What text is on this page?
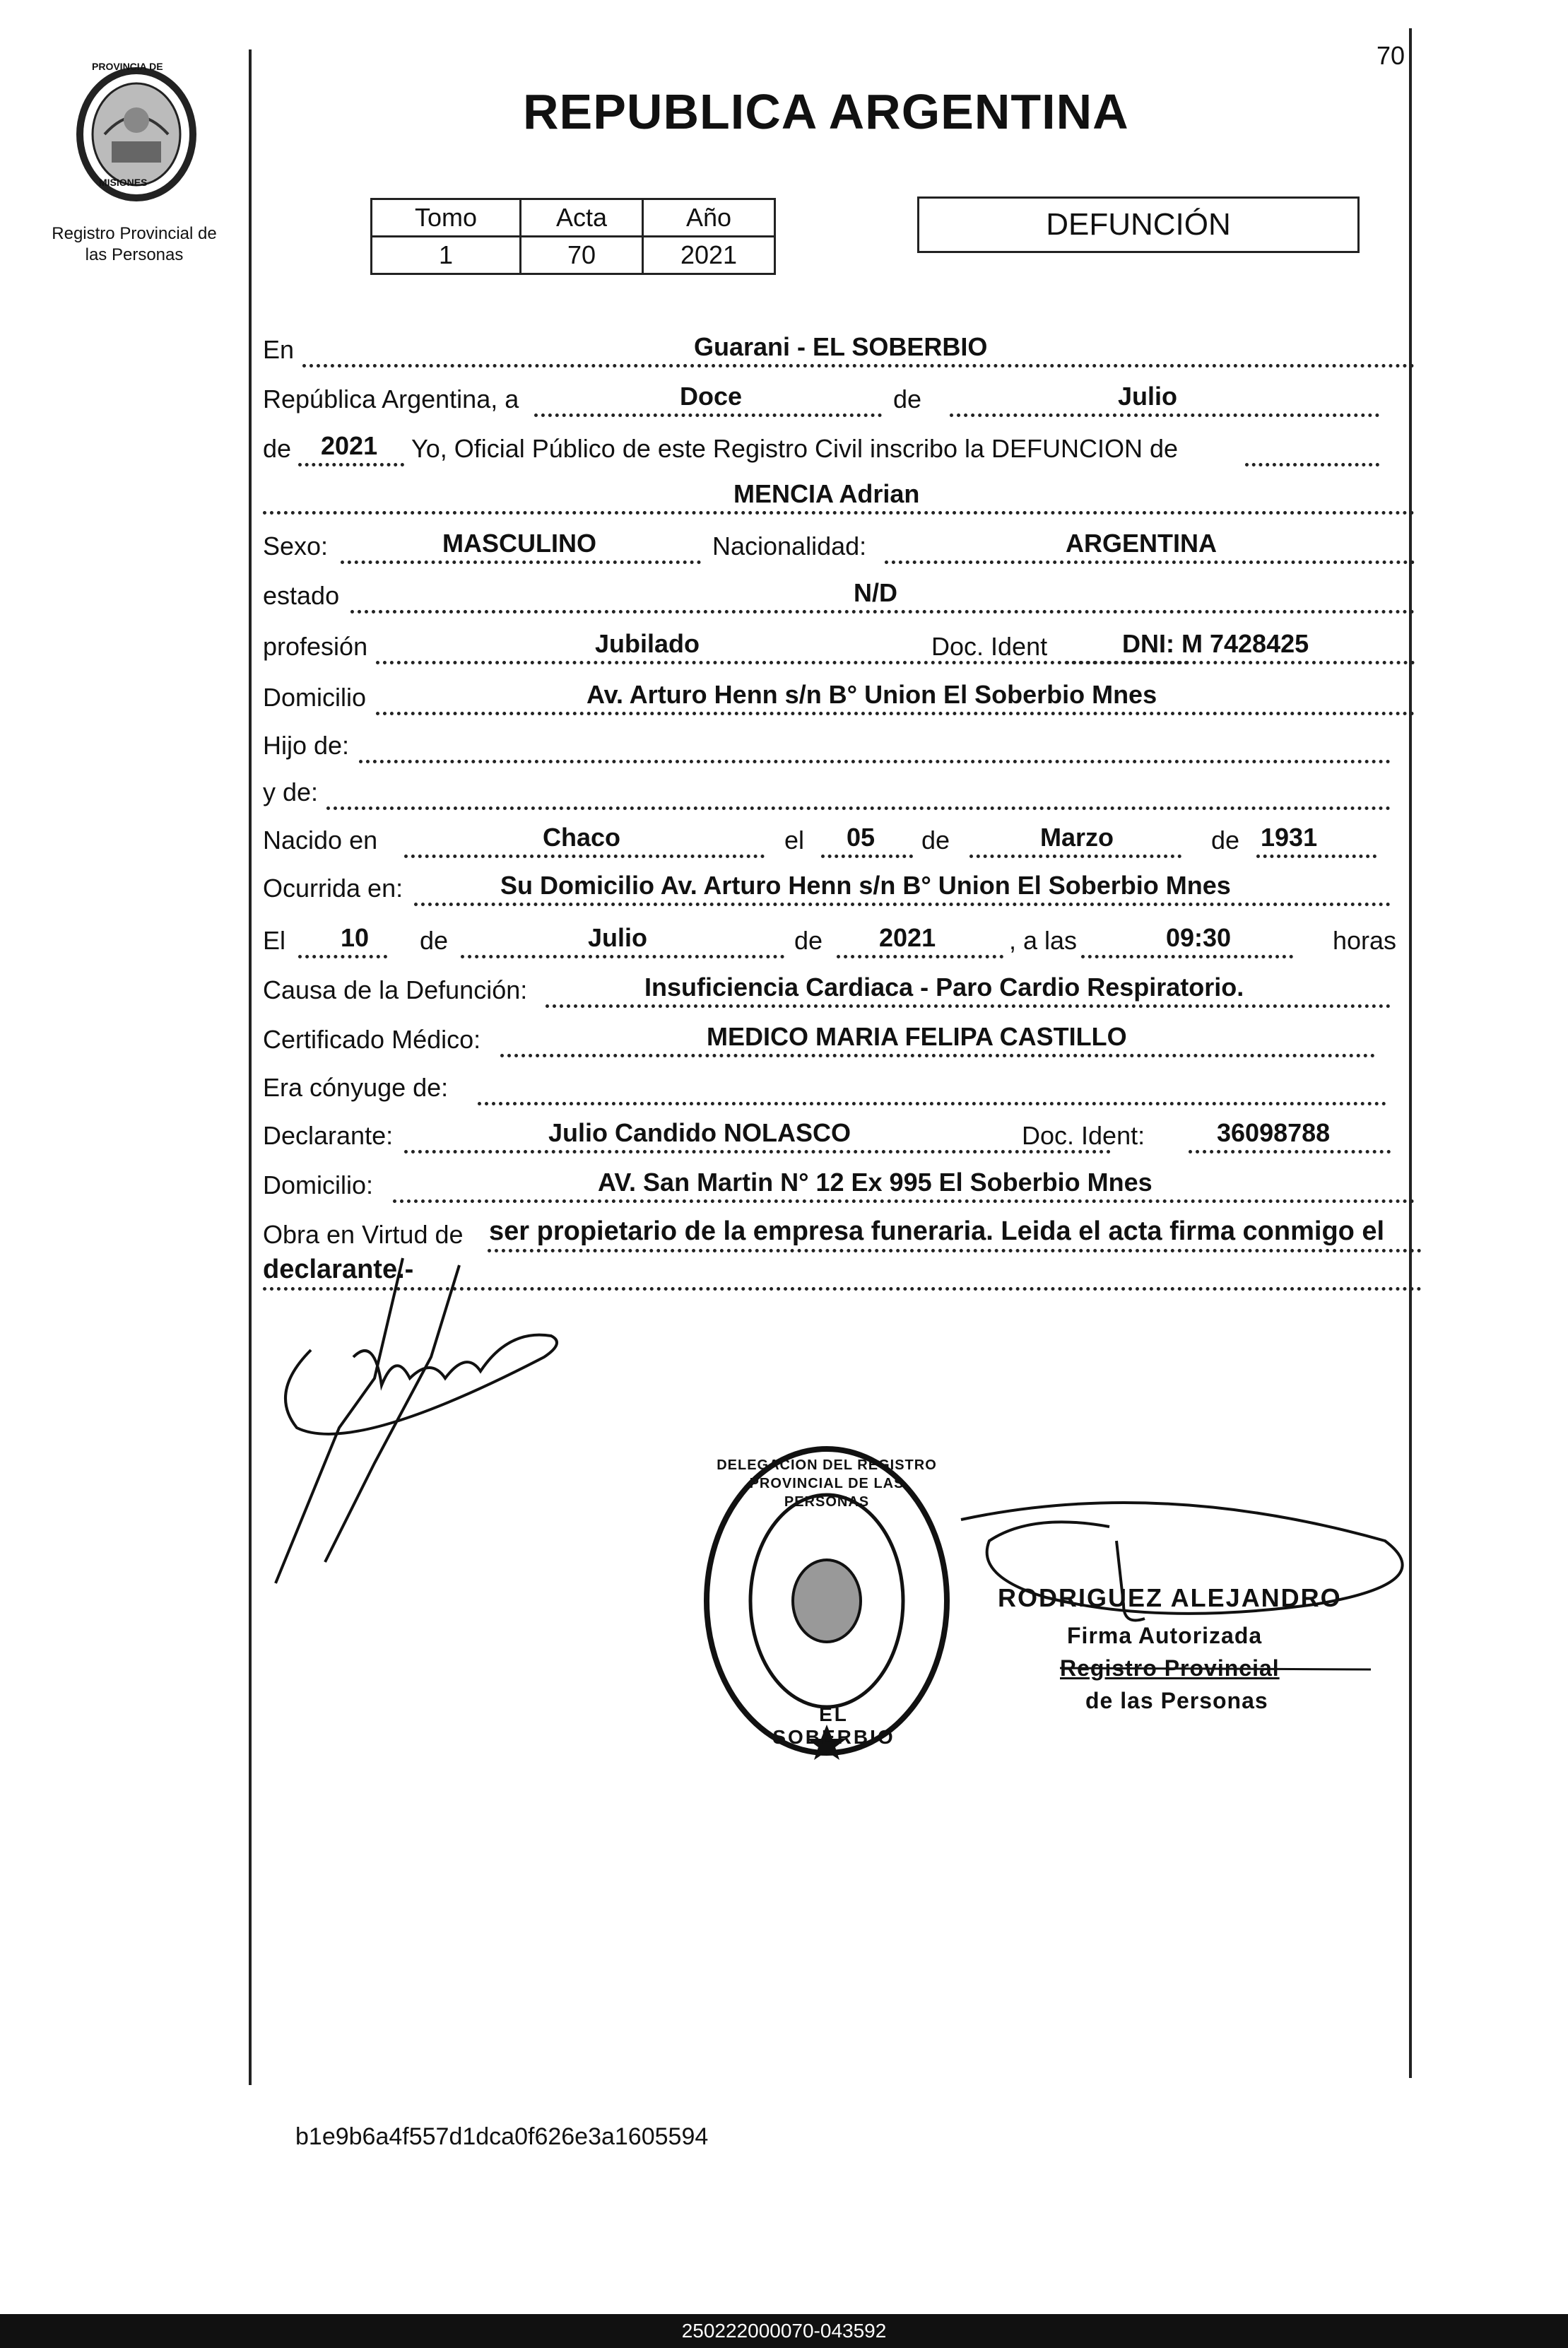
PROVINCIA DE
MISIONES
Registro Provincial de
las Personas
70
REPUBLICA ARGENTINA
Tomo	Acta	Año
1	70	2021
DEFUNCIÓN
En	Guarani - EL SOBERBIO
República Argentina, a	Doce	de	Julio
de 2021 Yo, Oficial Público de este Registro Civil inscribo la DEFUNCION de
MENCIA Adrian
Sexo:	MASCULINO	Nacionalidad:	ARGENTINA
estado	N/D
profesión	Jubilado	Doc. Ident	DNI: M 7428425
Domicilio	Av. Arturo Henn s/n B° Union El Soberbio Mnes
Hijo de:
y de:
Nacido en	Chaco	el 05 de	Marzo	de 1931
Ocurrida en:	Su Domicilio Av. Arturo Henn s/n B° Union El Soberbio Mnes
El 10 de	Julio	de 2021	, a las	09:30	horas
Causa de la Defunción:	Insuficiencia Cardiaca - Paro Cardio Respiratorio.
Certificado Médico:	MEDICO MARIA FELIPA CASTILLO
Era cónyuge de:
Declarante:	Julio Candido NOLASCO	Doc. Ident:	36098788
Domicilio:	AV. San Martin N° 12 Ex 995 El Soberbio Mnes
Obra en Virtud de ser propietario de la empresa funeraria. Leida el acta firma conmigo el
declarante.-
DELEGACION DEL REGISTRO PROVINCIAL DE LAS PERSONAS
EL SOBERBIO
RODRIGUEZ ALEJANDRO
Firma Autorizada
Registro Provincial
de las Personas
b1e9b6a4f557d1dca0f626e3a1605594
250222000070-043592
